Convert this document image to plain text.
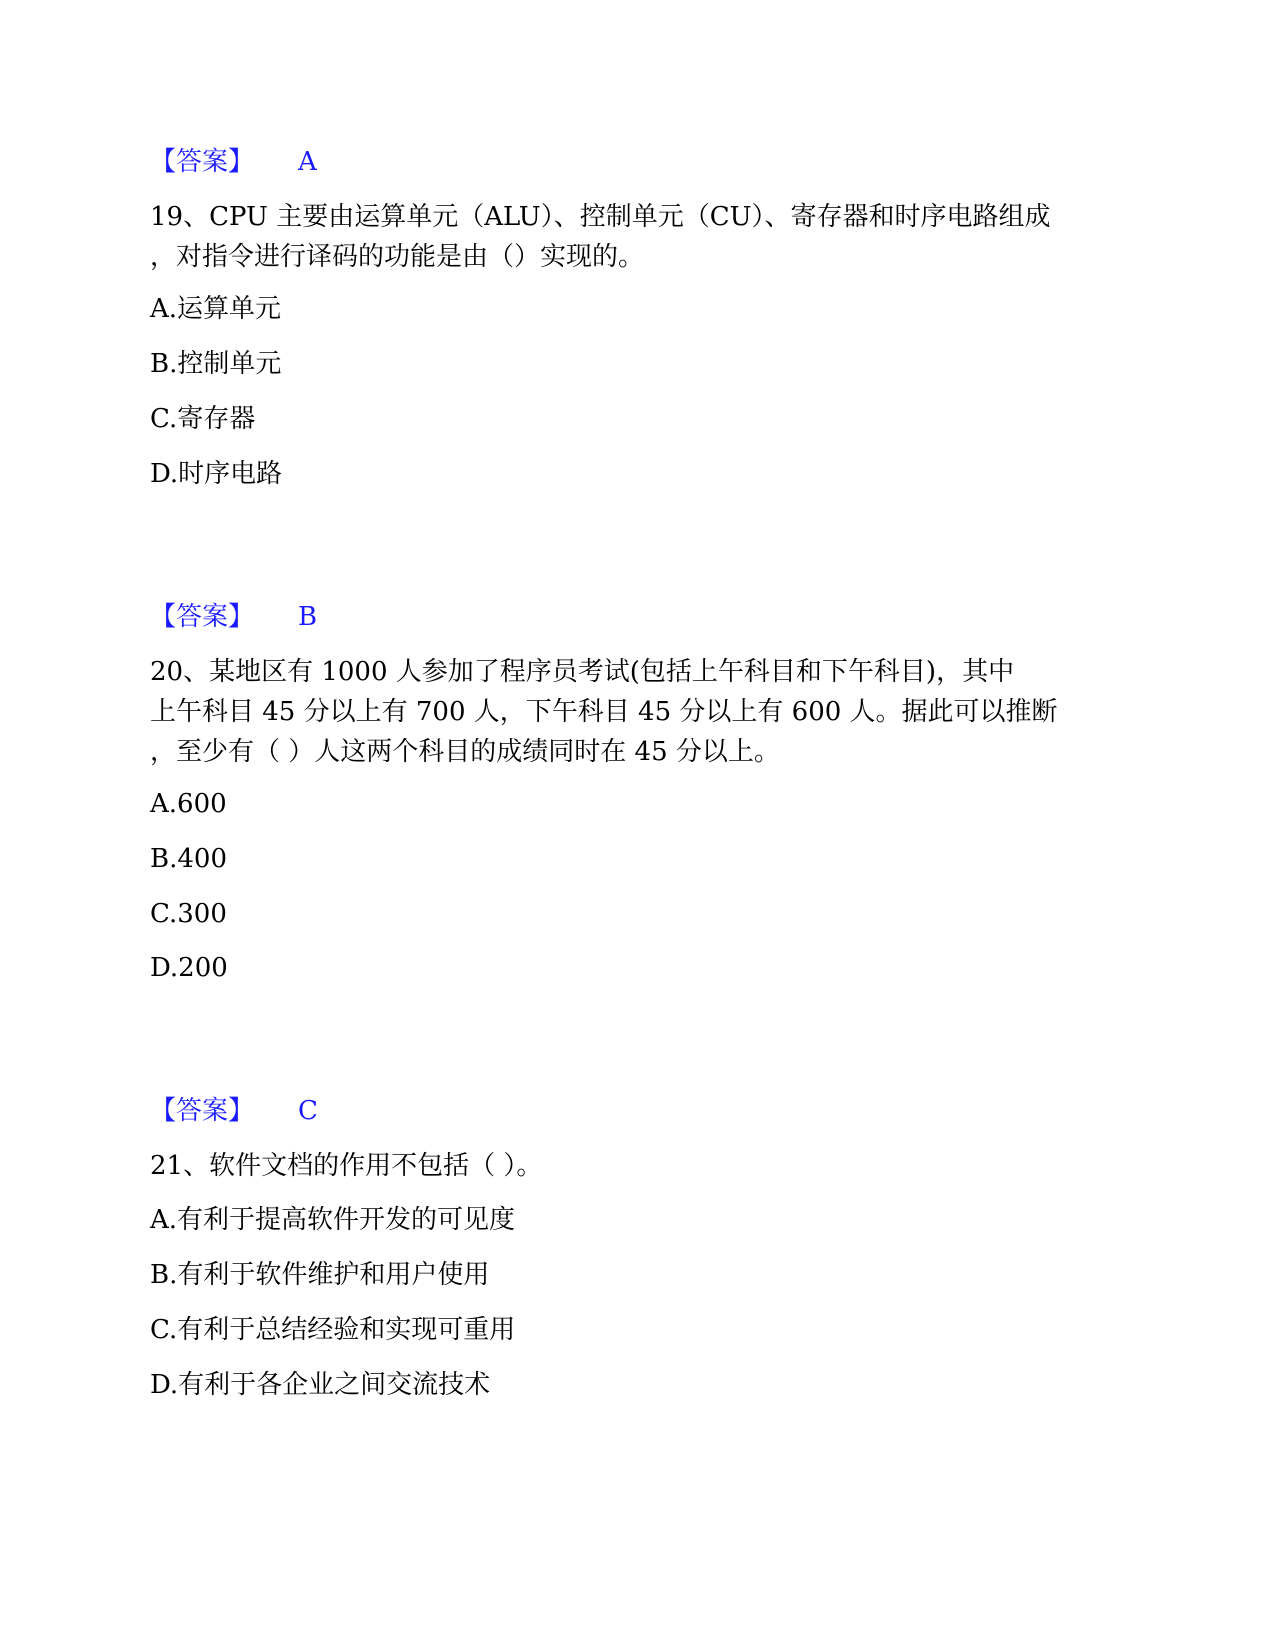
【答案】 A
19、CPU 主要由运算单元（ALU）、控制单元（CU）、寄存器和时序电路组成
，对指令进行译码的功能是由（）实现的。
A.运算单元
B.控制单元
C.寄存器
D.时序电路
【答案】 B
20、某地区有 1000 人参加了程序员考试(包括上午科目和下午科目)，其中
上午科目 45 分以上有 700 人，下午科目 45 分以上有 600 人。据此可以推断
，至少有（ ）人这两个科目的成绩同时在 45 分以上。
A.600
B.400
C.300
D.200
【答案】 C
21、软件文档的作用不包括（ ）。
A.有利于提高软件开发的可见度
B.有利于软件维护和用户使用
C.有利于总结经验和实现可重用
D.有利于各企业之间交流技术
